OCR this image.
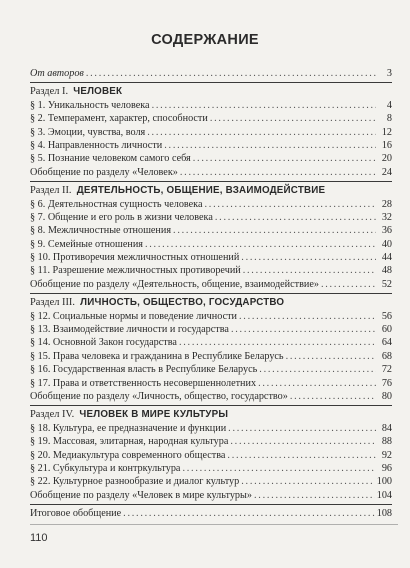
СОДЕРЖАНИЕ
От авторов . . .	3
Раздел I. ЧЕЛОВЕК
§ 1. Уникальность человека . . .	4
§ 2. Темперамент, характер, способности . . .	8
§ 3. Эмоции, чувства, воля . . .	12
§ 4. Направленность личности . . .	16
§ 5. Познание человеком самого себя . . .	20
Обобщение по разделу «Человек» . . .	24
Раздел II. ДЕЯТЕЛЬНОСТЬ, ОБЩЕНИЕ, ВЗАИМОДЕЙСТВИЕ
§ 6. Деятельностная сущность человека . . .	28
§ 7. Общение и его роль в жизни человека . . .	32
§ 8. Межличностные отношения . . .	36
§ 9. Семейные отношения . . .	40
§ 10. Противоречия межличностных отношений . . .	44
§ 11. Разрешение межличностных противоречий . . .	48
Обобщение по разделу «Деятельность, общение, взаимодействие» . . .	52
Раздел III. ЛИЧНОСТЬ, ОБЩЕСТВО, ГОСУДАРСТВО
§ 12. Социальные нормы и поведение личности . . .	56
§ 13. Взаимодействие личности и государства . . .	60
§ 14. Основной Закон государства . . .	64
§ 15. Права человека и гражданина в Республике Беларусь . . .	68
§ 16. Государственная власть в Республике Беларусь . . .	72
§ 17. Права и ответственность несовершеннолетних . . .	76
Обобщение по разделу «Личность, общество, государство» . . .	80
Раздел IV. ЧЕЛОВЕК В МИРЕ КУЛЬТУРЫ
§ 18. Культура, ее предназначение и функции . . .	84
§ 19. Массовая, элитарная, народная культура . . .	88
§ 20. Медиакультура современного общества . . .	92
§ 21. Субкультура и контркультура . . .	96
§ 22. Культурное разнообразие и диалог культур . . .	100
Обобщение по разделу «Человек в мире культуры» . . .	104
Итоговое обобщение . . .	108
110
